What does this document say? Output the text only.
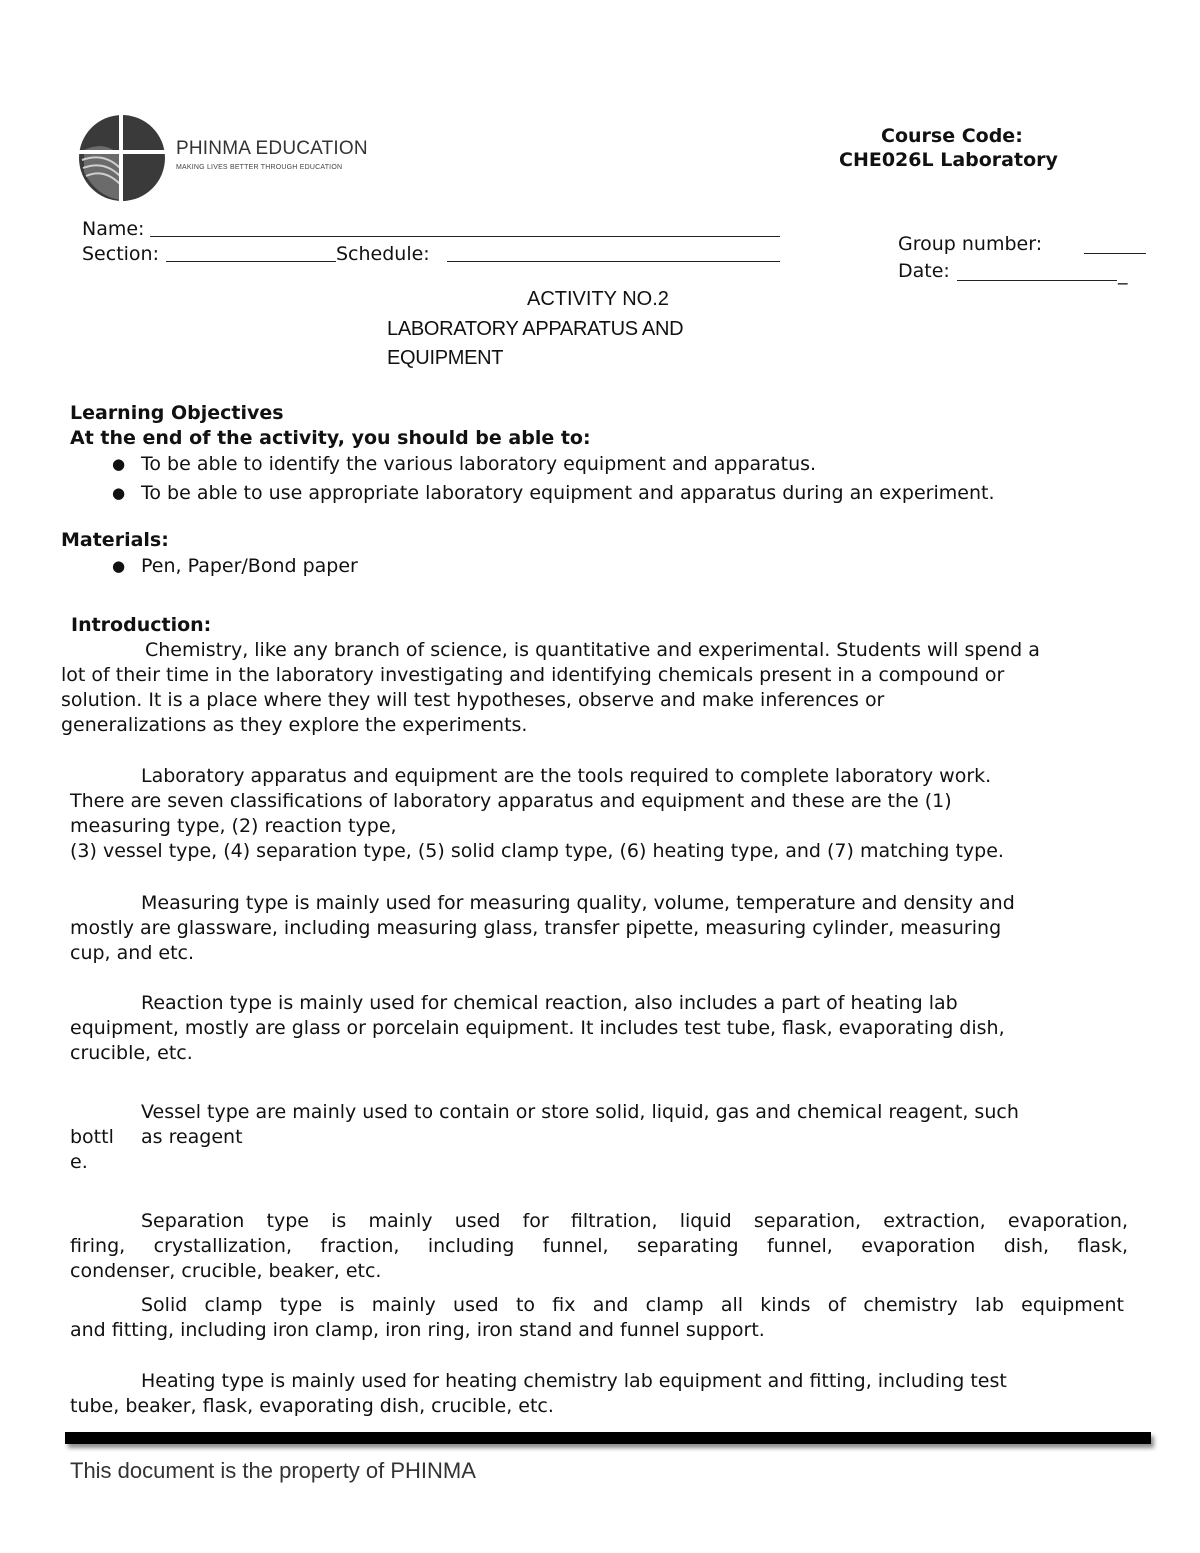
PHINMA EDUCATION
MAKING LIVES BETTER THROUGH EDUCATION
Course Code:
CHE026L Laboratory
Name:
Section:	Schedule:	Group number:
Date:	_
ACTIVITY NO.2
LABORATORY APPARATUS AND
EQUIPMENT
Learning Objectives
At the end of the activity, you should be able to:
● To be able to identify the various laboratory equipment and apparatus.
● To be able to use appropriate laboratory equipment and apparatus during an experiment.
Materials:
● Pen, Paper/Bond paper
Introduction:
Chemistry, like any branch of science, is quantitative and experimental. Students will spend a
lot of their time in the laboratory investigating and identifying chemicals present in a compound or
solution. It is a place where they will test hypotheses, observe and make inferences or
generalizations as they explore the experiments.
Laboratory apparatus and equipment are the tools required to complete laboratory work.
There are seven classifications of laboratory apparatus and equipment and these are the (1)
measuring type, (2) reaction type,
(3) vessel type, (4) separation type, (5) solid clamp type, (6) heating type, and (7) matching type.
Measuring type is mainly used for measuring quality, volume, temperature and density and
mostly are glassware, including measuring glass, transfer pipette, measuring cylinder, measuring
cup, and etc.
Reaction type is mainly used for chemical reaction, also includes a part of heating lab
equipment, mostly are glass or porcelain equipment. It includes test tube, flask, evaporating dish,
crucible, etc.
Vessel type are mainly used to contain or store solid, liquid, gas and chemical reagent, such
as reagent
bottl
e.
Separation type is mainly used for filtration, liquid separation, extraction, evaporation,
firing, crystallization, fraction, including funnel, separating funnel, evaporation dish, flask,
condenser, crucible, beaker, etc.
Solid clamp type is mainly used to fix and clamp all kinds of chemistry lab equipment
and fitting, including iron clamp, iron ring, iron stand and funnel support.
Heating type is mainly used for heating chemistry lab equipment and fitting, including test
tube, beaker, flask, evaporating dish, crucible, etc.
This document is the property of PHINMA
